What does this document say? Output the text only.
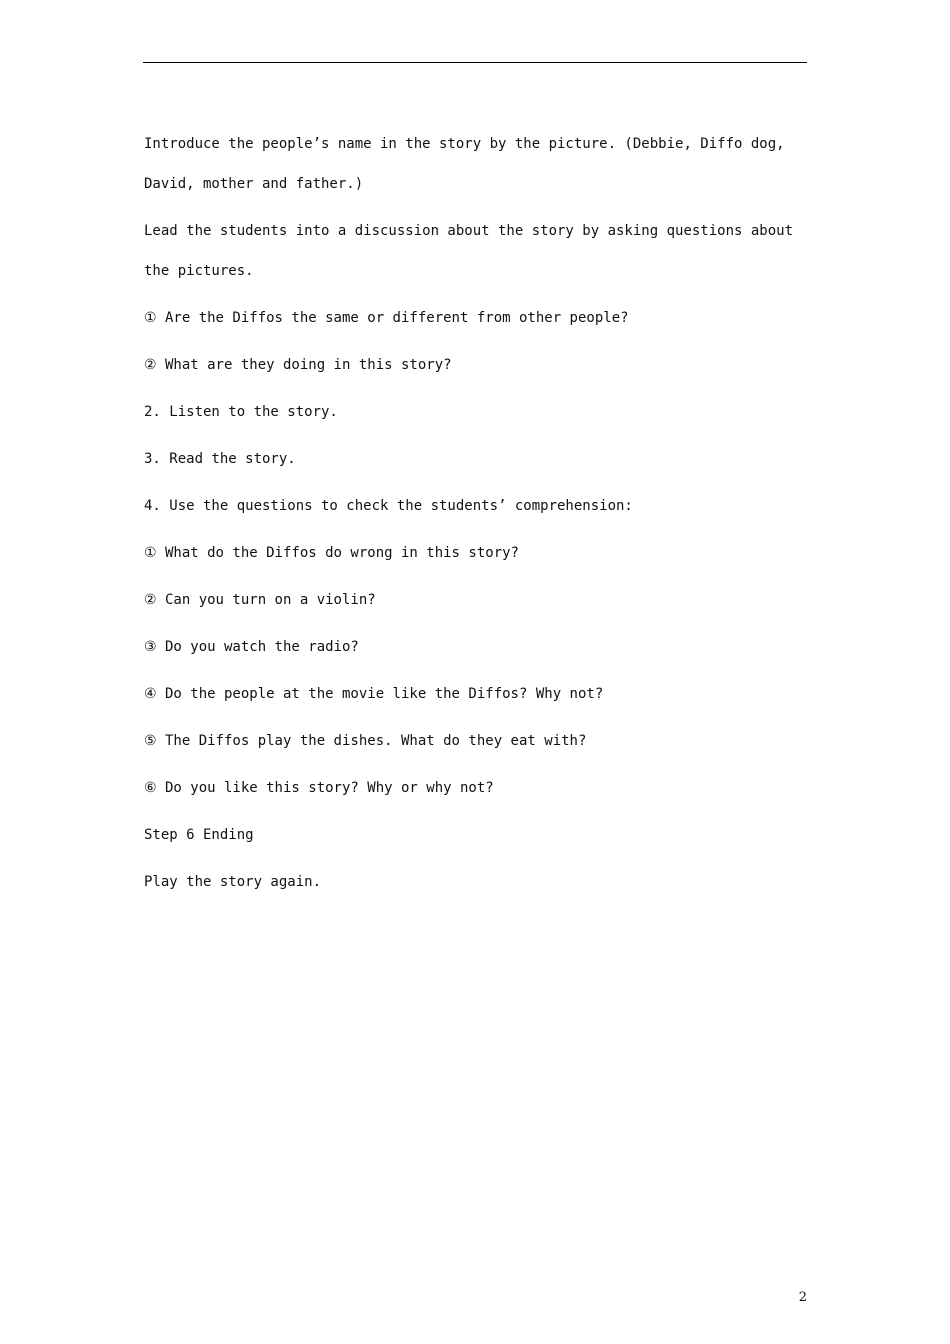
Introduce the people’s name in the story by the picture. (Debbie, Diffo dog, David, mother and father.)

Lead the students into a discussion about the story by asking questions about the pictures.

① Are the Diffos the same or different from other people?

② What are they doing in this story?

2. Listen to the story.

3. Read the story.

4. Use the questions to check the students’ comprehension:

① What do the Diffos do wrong in this story?

② Can you turn on a violin?

③ Do you watch the radio?

④ Do the people at the movie like the Diffos? Why not?

⑤ The Diffos play the dishes. What do they eat with?

⑥ Do you like this story? Why or why not?

Step 6 Ending

Play the story again.

2
